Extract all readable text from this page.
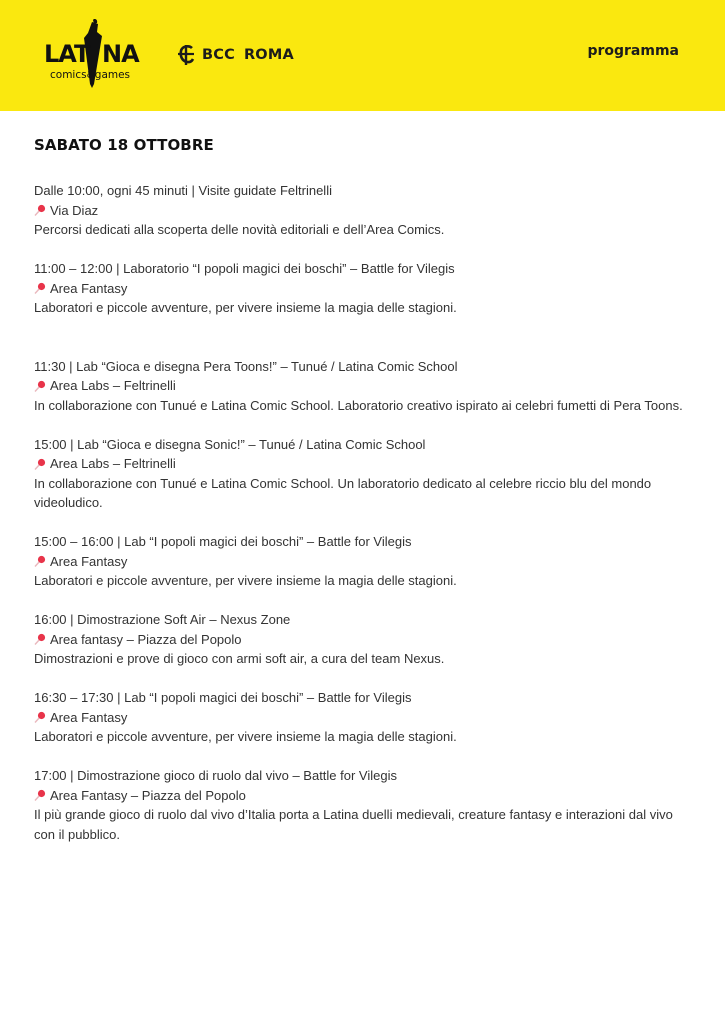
LAT NA
comics&games
BCC ROMA	programma
SABATO 18 OTTOBRE
Dalle 10:00, ogni 45 minuti | Visite guidate Feltrinelli
Via Diaz
Percorsi dedicati alla scoperta delle novità editoriali e dell’Area Comics.
11:00 – 12:00 | Laboratorio “I popoli magici dei boschi” – Battle for Vilegis
Area Fantasy
Laboratori e piccole avventure, per vivere insieme la magia delle stagioni.
11:30 | Lab “Gioca e disegna Pera Toons!” – Tunué / Latina Comic School
Area Labs – Feltrinelli
In collaborazione con Tunué e Latina Comic School. Laboratorio creativo ispirato ai celebri fumetti di Pera Toons.
15:00 | Lab “Gioca e disegna Sonic!” – Tunué / Latina Comic School
Area Labs – Feltrinelli
In collaborazione con Tunué e Latina Comic School. Un laboratorio dedicato al celebre riccio blu del mondo videoludico.
15:00 – 16:00 | Lab “I popoli magici dei boschi” – Battle for Vilegis
Area Fantasy
Laboratori e piccole avventure, per vivere insieme la magia delle stagioni.
16:00 | Dimostrazione Soft Air – Nexus Zone
Area fantasy – Piazza del Popolo
Dimostrazioni e prove di gioco con armi soft air, a cura del team Nexus.
16:30 – 17:30 | Lab “I popoli magici dei boschi” – Battle for Vilegis
Area Fantasy
Laboratori e piccole avventure, per vivere insieme la magia delle stagioni.
17:00 | Dimostrazione gioco di ruolo dal vivo – Battle for Vilegis
Area Fantasy – Piazza del Popolo
Il più grande gioco di ruolo dal vivo d’Italia porta a Latina duelli medievali, creature fantasy e interazioni dal vivo con il pubblico.
